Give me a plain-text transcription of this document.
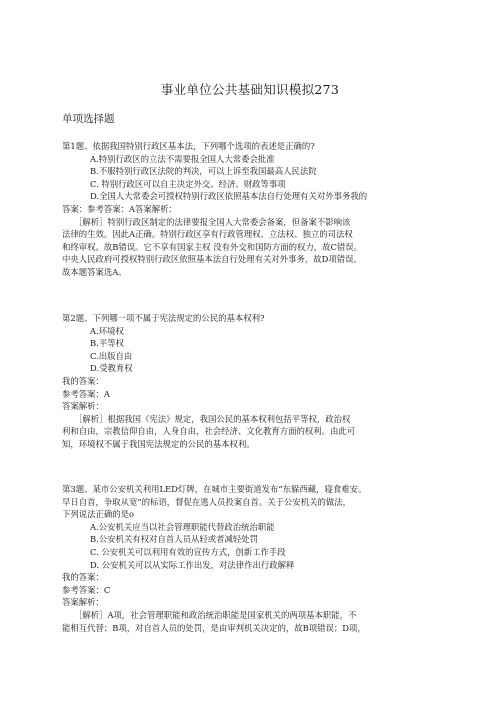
事业单位公共基础知识模拟273
单项选择题
第1题、依据我国特别行政区基本法，下列哪个选项的表述是正确的?
A.特别行政区的立法不需要报全国人大常委会批准
B.不服特别行政区法院的判决，可以上诉至我国最高人民法院
C. 特别行政区可以自主决定外交、经济、财政等事项
D.全国人大常委会可授权特别行政区依照基本法自行处理有关对外事务我的
答案：参考答案：A答案解析：
［解析］特别行政区制定的法律要报全国人大常委会备案，但备案不影响该
法律的生效。因此A正确。特别行政区享有行政管理权、立法权、独立的司法权
和终审权。故B错误。它不享有国家主权 没有外交和国防方面的权力，故C错误。
中央人民政府可授权特别行政区依照基本法自行处理有关对外事务，故D项错误。
故本题答案选A。
第2题、下列哪一项不属于宪法规定的公民的基本权利?
A.环境权
B.平等权
C.出版自由
D.受教育权
我的答案：
参考答案：A
答案解析：
［解析］根据我国《宪法》规定，我国公民的基本权利包括平等权，政治权
利和自由，宗教信仰自由，人身自由，社会经济、文化教育方面的权利。由此可
知，环境权不属于我国宪法规定的公民的基本权利。
第3题、某市公安机关利用LED灯牌，在城市主要街道发布“东躲西藏，寝食难安。
早日自首，争取从宽”的标语，督促在逃人员投案自首。关于公安机关的做法，
下列说法正确的是o
A.公安机关应当以社会管理职能代替政治统治职能
B.公安机关有权对自首人员从轻或者减轻处罚
C. 公安机关可以利用有效的宣传方式，创新工作手段
D. 公安机关可以从实际工作出发，对法律作出行政解释
我的答案：
参考答案：C
答案解析：
［解析］A项，社会管理职能和政治统治职能是国家机关的两项基本职能，不
能相互代替；B项，对自首人员的处罚，是由审判机关决定的，故B项错误；D项，
